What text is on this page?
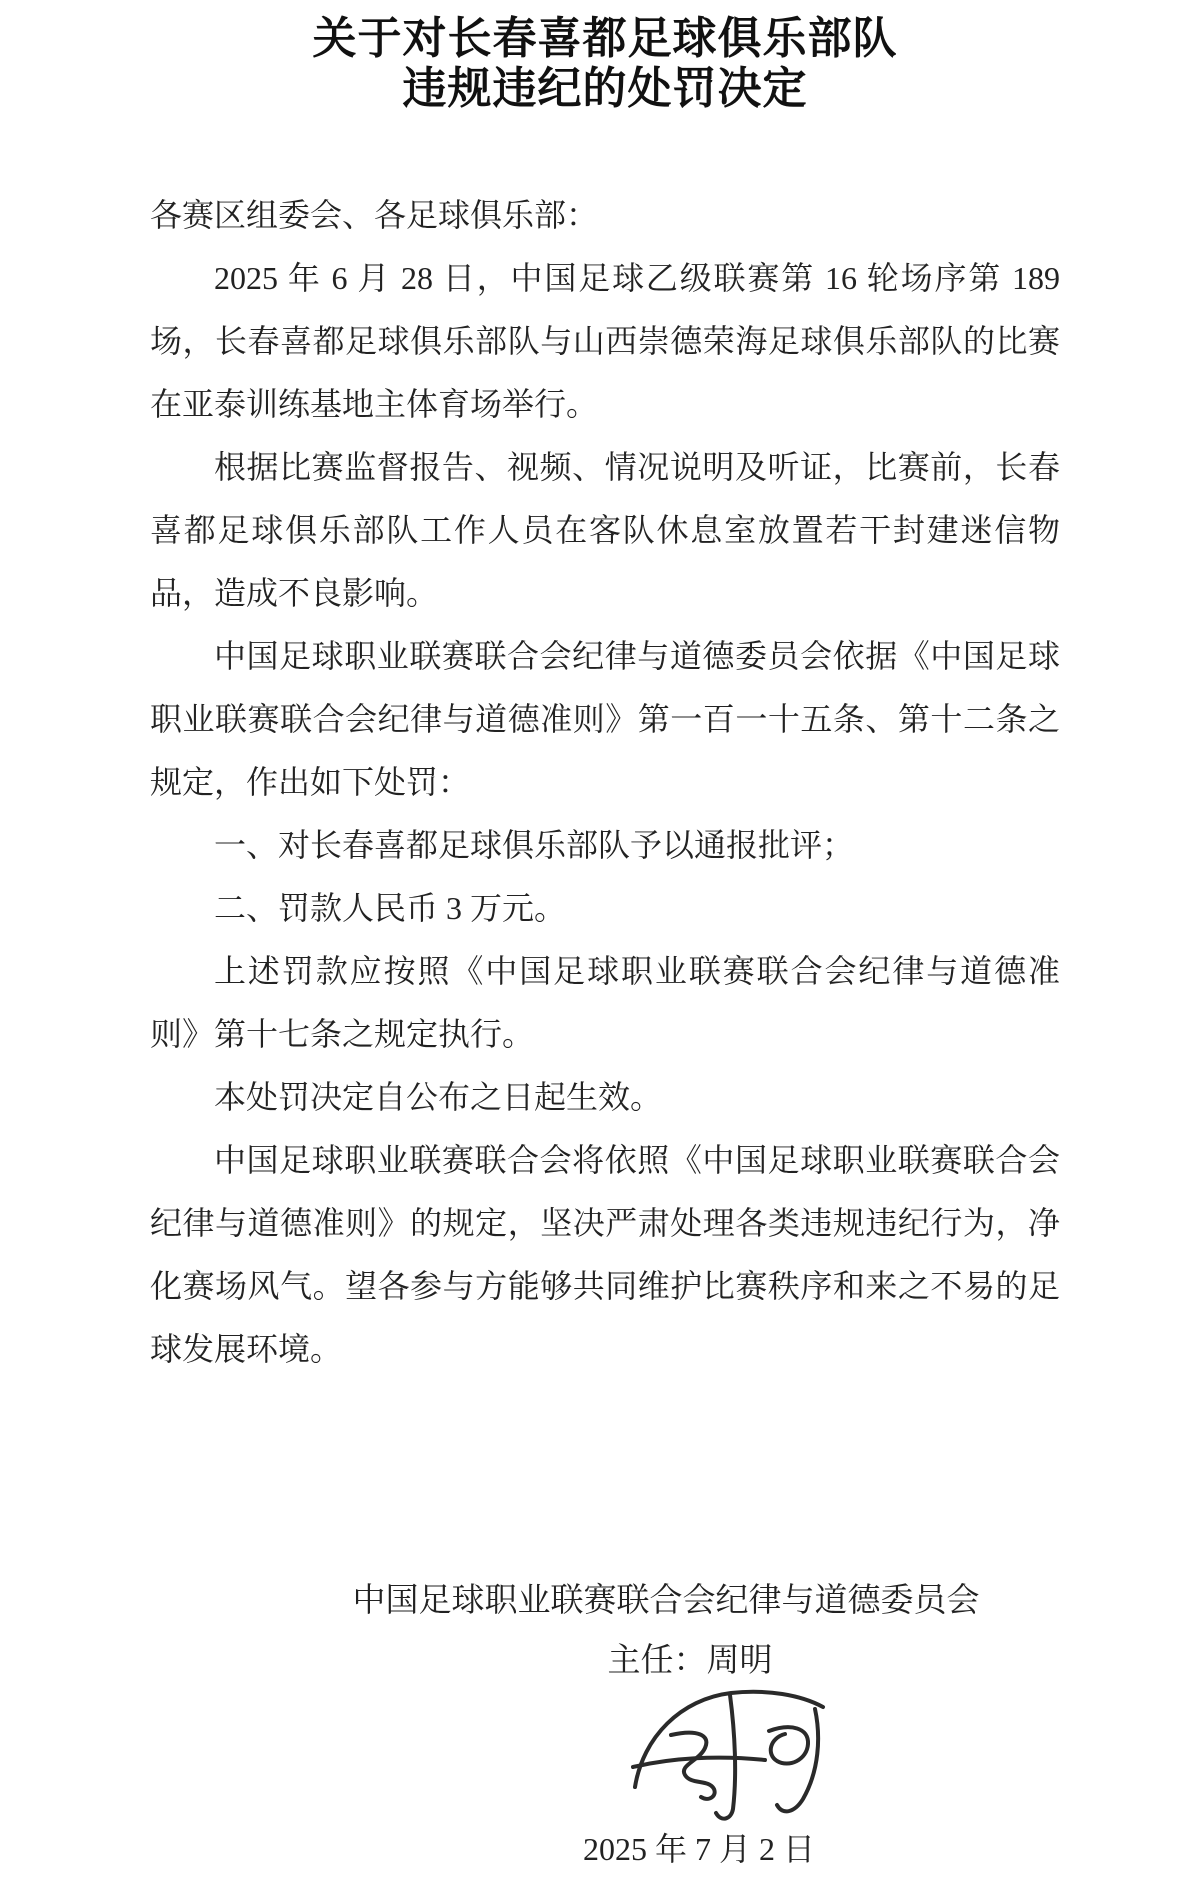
关于对长春喜都足球俱乐部队
违规违纪的处罚决定

各赛区组委会、各足球俱乐部：

2025 年 6 月 28 日，中国足球乙级联赛第 16 轮场序第 189 场，长春喜都足球俱乐部队与山西崇德荣海足球俱乐部队的比赛在亚泰训练基地主体育场举行。

根据比赛监督报告、视频、情况说明及听证，比赛前，长春喜都足球俱乐部队工作人员在客队休息室放置若干封建迷信物品，造成不良影响。

中国足球职业联赛联合会纪律与道德委员会依据《中国足球职业联赛联合会纪律与道德准则》第一百一十五条、第十二条之规定，作出如下处罚：

一、对长春喜都足球俱乐部队予以通报批评；

二、罚款人民币 3 万元。

上述罚款应按照《中国足球职业联赛联合会纪律与道德准则》第十七条之规定执行。

本处罚决定自公布之日起生效。

中国足球职业联赛联合会将依照《中国足球职业联赛联合会纪律与道德准则》的规定，坚决严肃处理各类违规违纪行为，净化赛场风气。望各参与方能够共同维护比赛秩序和来之不易的足球发展环境。

中国足球职业联赛联合会纪律与道德委员会

主任：周明

2025 年 7 月 2 日
